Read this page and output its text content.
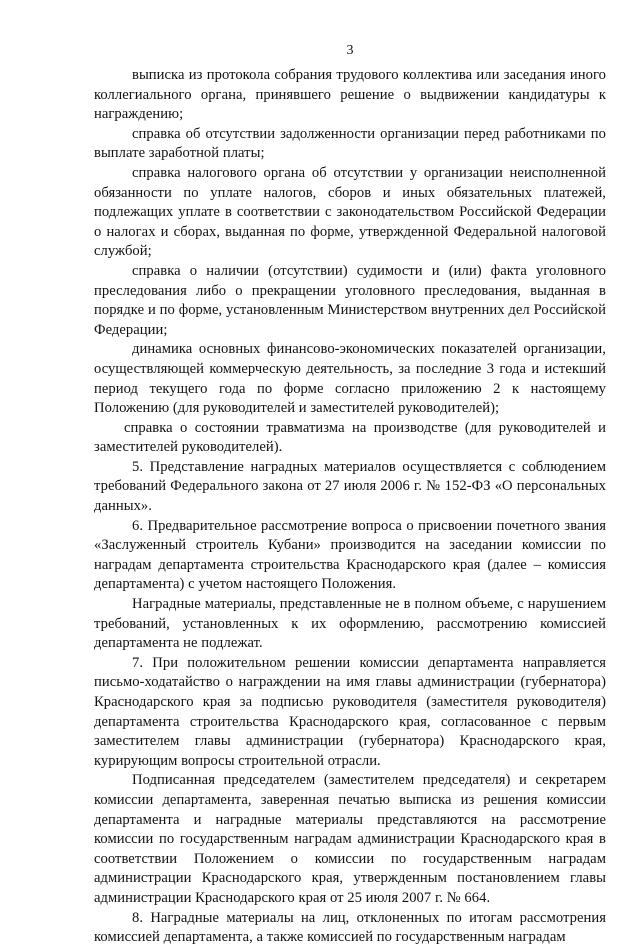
3

выписка из протокола собрания трудового коллектива или заседания иного коллегиального органа, принявшего решение о выдвижении кандидатуры к награждению;

справка об отсутствии задолженности организации перед работниками по выплате заработной платы;

справка налогового органа об отсутствии у организации неисполненной обязанности по уплате налогов, сборов и иных обязательных платежей, подлежащих уплате в соответствии с законодательством Российской Федерации о налогах и сборах, выданная по форме, утвержденной Федеральной налоговой службой;

справка о наличии (отсутствии) судимости и (или) факта уголовного преследования либо о прекращении уголовного преследования, выданная в порядке и по форме, установленным Министерством внутренних дел Российской Федерации;

динамика основных финансово-экономических показателей организации, осуществляющей коммерческую деятельность, за последние 3 года и истекший период текущего года по форме согласно приложению 2 к настоящему Положению (для руководителей и заместителей руководителей);

справка о состоянии травматизма на производстве (для руководителей и заместителей руководителей).

5. Представление наградных материалов осуществляется с соблюдением требований Федерального закона от 27 июля 2006 г. № 152-ФЗ «О персональных данных».

6. Предварительное рассмотрение вопроса о присвоении почетного звания «Заслуженный строитель Кубани» производится на заседании комиссии по наградам департамента строительства Краснодарского края (далее – комиссия департамента) с учетом настоящего Положения.

Наградные материалы, представленные не в полном объеме, с нарушением требований, установленных к их оформлению, рассмотрению комиссией департамента не подлежат.

7. При положительном решении комиссии департамента направляется письмо-ходатайство о награждении на имя главы администрации (губернатора) Краснодарского края за подписью руководителя (заместителя руководителя) департамента строительства Краснодарского края, согласованное с первым заместителем главы администрации (губернатора) Краснодарского края, курирующим вопросы строительной отрасли.

Подписанная председателем (заместителем председателя) и секретарем комиссии департамента, заверенная печатью выписка из решения комиссии департамента и наградные материалы представляются на рассмотрение комиссии по государственным наградам администрации Краснодарского края в соответствии Положением о комиссии по государственным наградам администрации Краснодарского края, утвержденным постановлением главы администрации Краснодарского края от 25 июля 2007 г. № 664.

8. Наградные материалы на лиц, отклоненных по итогам рассмотрения комиссией департамента, а также комиссией по государственным наградам
